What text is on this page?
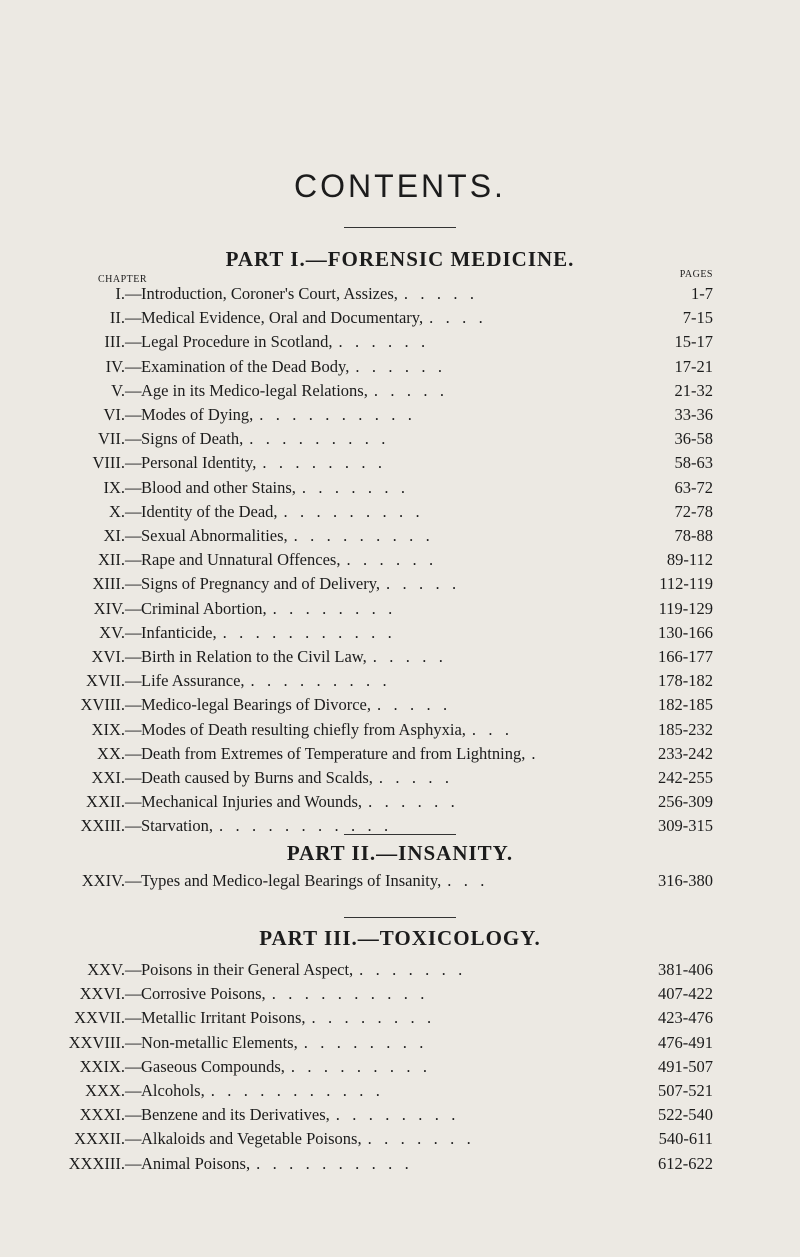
CONTENTS.
PART I.—FORENSIC MEDICINE.
CHAPTER	PAGES
I. — Introduction, Coroner's Court, Assizes, .   .   .   .   .	1-7
II. — Medical Evidence, Oral and Documentary, .   .   .   .	7-15
III. — Legal Procedure in Scotland, .   .   .   .   .   .	15-17
IV. — Examination of the Dead Body, .   .   .   .   .   .	17-21
V. — Age in its Medico-legal Relations, .   .   .   .   .	21-32
VI. — Modes of Dying, .   .   .   .   .   .   .   .   .   .	33-36
VII. — Signs of Death, .   .   .   .   .   .   .   .   .	36-58
VIII. — Personal Identity, .   .   .   .   .   .   .   .	58-63
IX. — Blood and other Stains, .   .   .   .   .   .   .	63-72
X. — Identity of the Dead, .   .   .   .   .   .   .   .   .	72-78
XI. — Sexual Abnormalities, .   .   .   .   .   .   .   .   .	78-88
XII. — Rape and Unnatural Offences, .   .   .   .   .   .	89-112
XIII. — Signs of Pregnancy and of Delivery, .   .   .   .   .	112-119
XIV. — Criminal Abortion, .   .   .   .   .   .   .   .	119-129
XV. — Infanticide, .   .   .   .   .   .   .   .   .   .   .	130-166
XVI. — Birth in Relation to the Civil Law, .   .   .   .   .	166-177
XVII. — Life Assurance, .   .   .   .   .   .   .   .   .	178-182
XVIII. — Medico-legal Bearings of Divorce, .   .   .   .   .	182-185
XIX. — Modes of Death resulting chiefly from Asphyxia, .   .   .	185-232
XX. — Death from Extremes of Temperature and from Lightning, .	233-242
XXI. — Death caused by Burns and Scalds, .   .   .   .   .	242-255
XXII. — Mechanical Injuries and Wounds, .   .   .   .   .   .	256-309
XXIII. — Starvation, .   .   .   .   .   .   .   .   .   .   .	309-315
PART II.—INSANITY.
XXIV. — Types and Medico-legal Bearings of Insanity, .   .   .	316-380
PART III.—TOXICOLOGY.
XXV. — Poisons in their General Aspect, .   .   .   .   .   .   .	381-406
XXVI. — Corrosive Poisons, .   .   .   .   .   .   .   .   .   .	407-422
XXVII. — Metallic Irritant Poisons, .   .   .   .   .   .   .   .	423-476
XXVIII. — Non-metallic Elements, .   .   .   .   .   .   .   .	476-491
XXIX. — Gaseous Compounds, .   .   .   .   .   .   .   .   .	491-507
XXX. — Alcohols, .   .   .   .   .   .   .   .   .   .   .	507-521
XXXI. — Benzene and its Derivatives, .   .   .   .   .   .   .   .	522-540
XXXII. — Alkaloids and Vegetable Poisons, .   .   .   .   .   .   .	540-611
XXXIII. — Animal Poisons, .   .   .   .   .   .   .   .   .   .	612-622
